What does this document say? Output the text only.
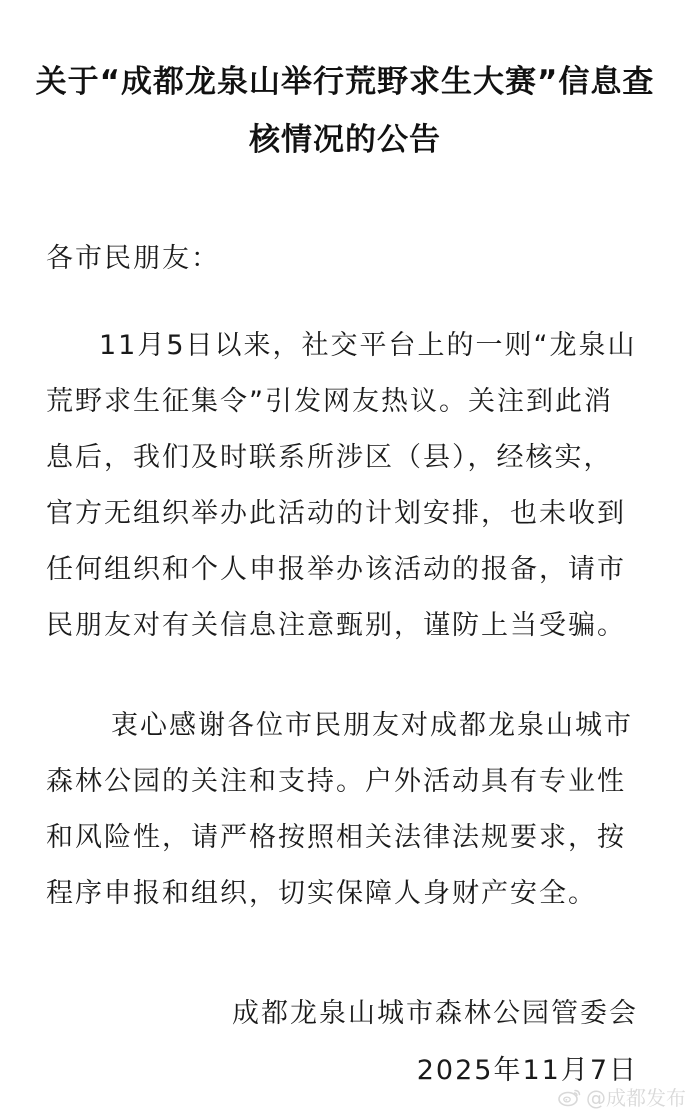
关于“成都龙泉山举行荒野求生大赛”信息查
核情况的公告
各市民朋友：
11月5日以来，社交平台上的一则“龙泉山
荒野求生征集令”引发网友热议。关注到此消
息后，我们及时联系所涉区（县），经核实，
官方无组织举办此活动的计划安排，也未收到
任何组织和个人申报举办该活动的报备，请市
民朋友对有关信息注意甄别，谨防上当受骗。
衷心感谢各位市民朋友对成都龙泉山城市
森林公园的关注和支持。户外活动具有专业性
和风险性，请严格按照相关法律法规要求，按
程序申报和组织，切实保障人身财产安全。
成都龙泉山城市森林公园管委会
2025年11月7日
@成都发布
